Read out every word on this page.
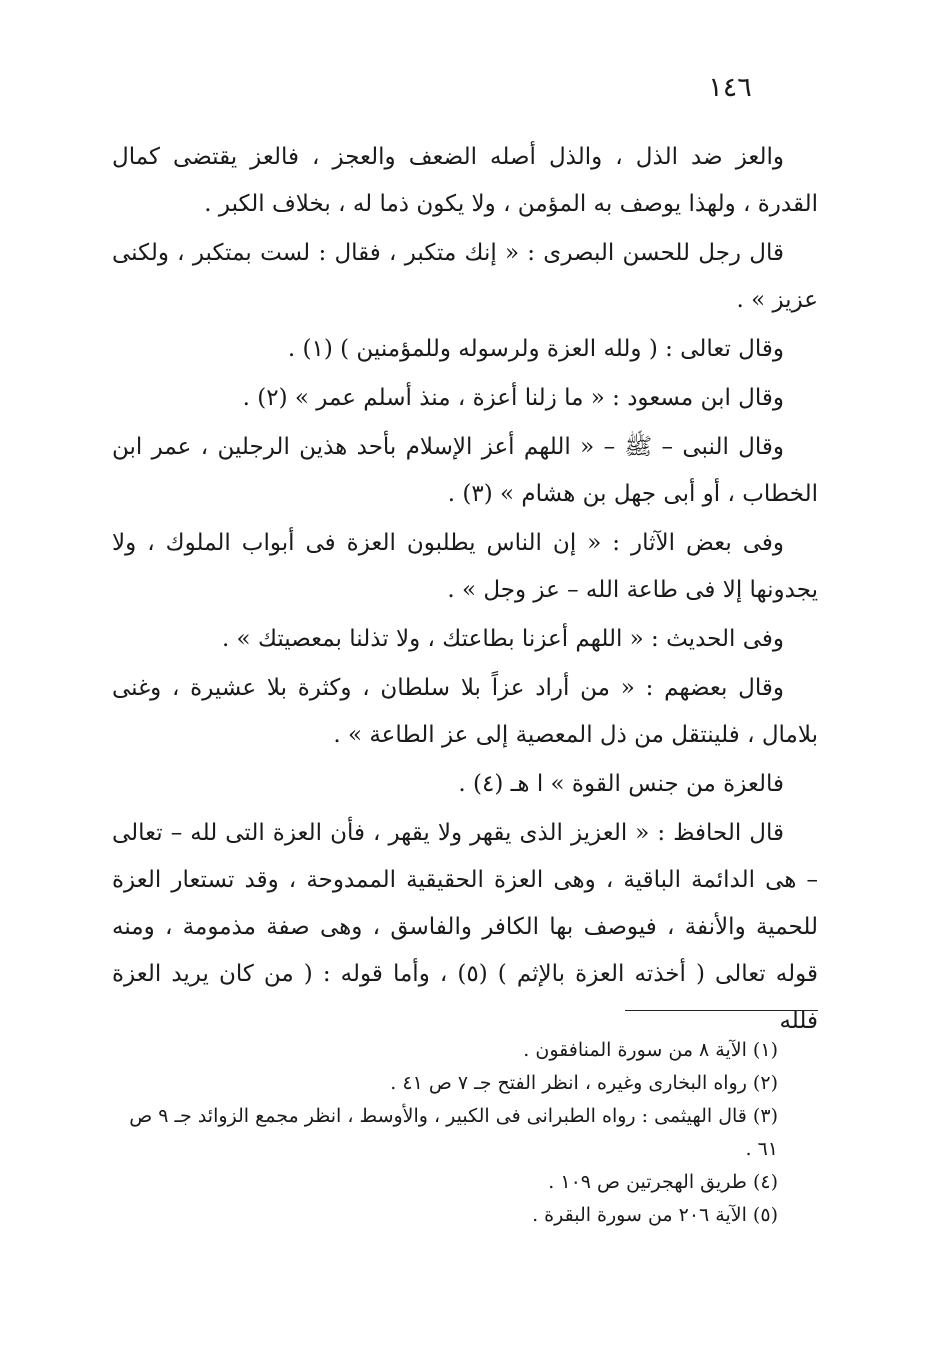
١٤٦

والعز ضد الذل ، والذل أصله الضعف والعجز ، فالعز يقتضى كمال القدرة ، ولهذا يوصف به المؤمن ، ولا يكون ذما له ، بخلاف الكبر .

قال رجل للحسن البصرى : « إنك متكبر ، فقال : لست بمتكبر ، ولكنى عزيز » .

وقال تعالى : ( ولله العزة ولرسوله وللمؤمنين ) (١) .

وقال ابن مسعود : « ما زلنا أعزة ، منذ أسلم عمر » (٢) .

وقال النبى – ﷺ – « اللهم أعز الإسلام بأحد هذين الرجلين ، عمر ابن الخطاب ، أو أبى جهل بن هشام » (٣) .

وفى بعض الآثار : « إن الناس يطلبون العزة فى أبواب الملوك ، ولا يجدونها إلا فى طاعة الله – عز وجل » .

وفى الحديث : « اللهم أعزنا بطاعتك ، ولا تذلنا بمعصيتك » .

وقال بعضهم : « من أراد عزاً بلا سلطان ، وكثرة بلا عشيرة ، وغنى بلامال ، فلينتقل من ذل المعصية إلى عز الطاعة » .

فالعزة من جنس القوة » ا هـ (٤) .

قال الحافظ : « العزيز الذى يقهر ولا يقهر ، فأن العزة التى لله – تعالى – هى الدائمة الباقية ، وهى العزة الحقيقية الممدوحة ، وقد تستعار العزة للحمية والأنفة ، فيوصف بها الكافر والفاسق ، وهى صفة مذمومة ، ومنه قوله تعالى ( أخذته العزة بالإثم ) (٥) ، وأما قوله : ( من كان يريد العزة فلله

(١) الآية ٨ من سورة المنافقون .

(٢) رواه البخارى وغيره ، انظر الفتح جـ ٧ ص ٤١ .

(٣) قال الهيثمى : رواه الطبرانى فى الكبير ، والأوسط ، انظر مجمع الزوائد جـ ٩ ص ٦١ .

(٤) طريق الهجرتين ص ١٠٩ .

(٥) الآية ٢٠٦ من سورة البقرة .
